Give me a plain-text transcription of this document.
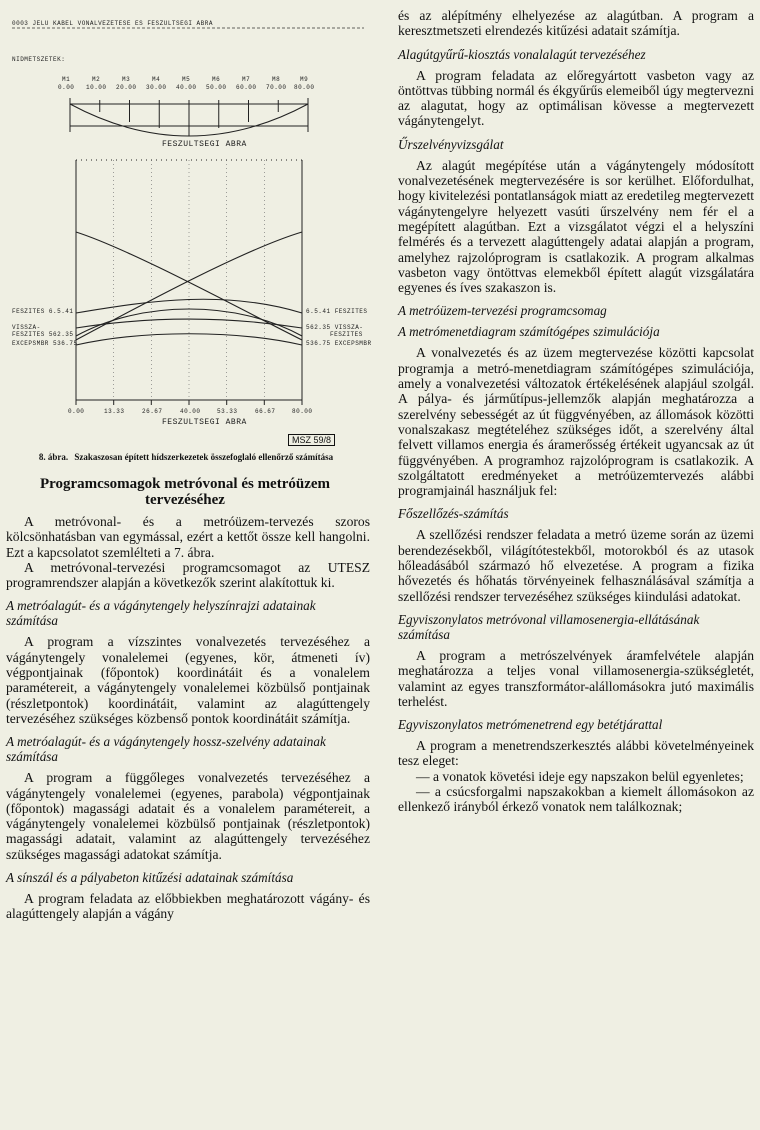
0003 JELU KABEL VONALVEZETESE ES FESZULTSEGI ABRA
NIDMETSZETEK:
M1	M2	M3	M4	M5	M6	M7	M8	M9
0.00 10.00 20.00 30.00 40.00 50.00 60.00 70.00 80.00
FESZULTSEGI ABRA
FESZITES 6.5.41
VISSZA-
FESZITES 562.35
EXCEPSMBR 536.75
6.5.41 FESZITES
562.35 VISSZA-
FESZITES
536.75 EXCEPSMBR
0.00	13.33	26.67	40.00	53.33	66.67	80.00
FESZULTSEGI ABRA
MSZ 59/8
8. ábra. Szakaszosan épített hídszerkezetek összefoglaló ellenőrző számítása
Programcsomagok metróvonal és metróüzem tervezéséhez

A metróvonal- és a metróüzem-tervezés szoros kölcsönhatásban van egymással, ezért a kettőt össze kell hangolni. Ezt a kapcsolatot szemlélteti a 7. ábra.

A metróvonal-tervezési programcsomagot az UTESZ programrendszer alapján a következők szerint alakítottuk ki.

A metróalagút- és a vágánytengely helyszínrajzi adatainak számítása

A program a vízszintes vonalvezetés tervezéséhez a vágánytengely vonalelemei (egyenes, kör, átmeneti ív) végpontjainak (főpontok) koordinátáit és a vonalelem paramétereit, a vágánytengely vonalelemei közbülső pontjainak (részletpontok) koordinátáit, valamint az alagúttengely tervezéséhez szükséges közbenső pontok koordinátáit számítja.

A metróalagút- és a vágánytengely hossz-szelvény adatainak számítása

A program a függőleges vonalvezetés tervezéséhez a vágánytengely vonalelemei (egyenes, parabola) végpontjainak (főpontok) magassági adatait és a vonalelem paramétereit, a vágánytengely vonalelemei közbülső pontjainak (részletpontok) magassági adatait, valamint az alagúttengely tervezéséhez szükséges magassági adatokat számítja.

A sínszál és a pályabeton kitűzési adatainak számítása

A program feladata az előbbiekben meghatározott vágány- és alagúttengely alapján a vágány

és az alépítmény elhelyezése az alagútban. A program a keresztmetszeti elrendezés kitűzési adatait számítja.

Alagútgyűrű-kiosztás vonalalagút tervezéséhez

A program feladata az előregyártott vasbeton vagy az öntöttvas tübbing normál és ékgyűrűs elemeiből úgy megtervezni az alagutat, hogy az optimálisan kövesse a megtervezett vágánytengelyt.

Űrszelvényvizsgálat

Az alagút megépítése után a vágánytengely módosított vonalvezetésének megtervezésére is sor kerülhet. Előfordulhat, hogy kivitelezési pontatlanságok miatt az eredetileg megtervezett vágánytengelyre helyezett vasúti űrszelvény nem fér el a megépített alagútban. Ezt a vizsgálatot végzi el a helyszíni felmérés és a tervezett alagúttengely adatai alapján a program, amelyhez rajzolóprogram is csatlakozik. A program alkalmas vasbeton vagy öntöttvas elemekből épített alagút vizsgálatára egyenes és íves szakaszon is.

A metróüzem-tervezési programcsomag
A metrómenetdiagram számítógépes szimulációja

A vonalvezetés és az üzem megtervezése közötti kapcsolat programja a metró-menetdiagram számítógépes szimulációja, amely a vonalvezetési változatok értékelésének alapjául szolgál. A pálya- és járműtípus-jellemzők alapján meghatározza a szerelvény sebességét az út függvényében, az állomások közötti vonalszakasz megtételéhez szükséges időt, a szerelvény által felvett villamos energia és áramerősség értékeit ugyancsak az út függvényében. A programhoz rajzolóprogram is csatlakozik. A szolgáltatott eredményeket a metróüzemtervezés alábbi programjainál használjuk fel:

Főszellőzés-számítás

A szellőzési rendszer feladata a metró üzeme során az üzemi berendezésekből, világítótestekből, motorokból és az utasok hőleadásából származó hő elvezetése. A program a fizika hővezetés és hőhatás törvényeinek felhasználásával számítja a szellőzési rendszer tervezéséhez szükséges kiindulási adatokat.

Egyviszonylatos metróvonal villamosenergia-ellátásának számítása

A program a metrószelvények áramfelvétele alapján meghatározza a teljes vonal villamosenergia-szükségletét, valamint az egyes transzformátor-alállomásokra jutó maximális terhelést.

Egyviszonylatos metrómenetrend egy betétjárattal

A program a menetrendszerkesztés alábbi követelményeinek tesz eleget:

— a vonatok követési ideje egy napszakon belül egyenletes;

— a csúcsforgalmi napszakokban a kiemelt állomásokon az ellenkező irányból érkező vonatok nem találkoznak;
